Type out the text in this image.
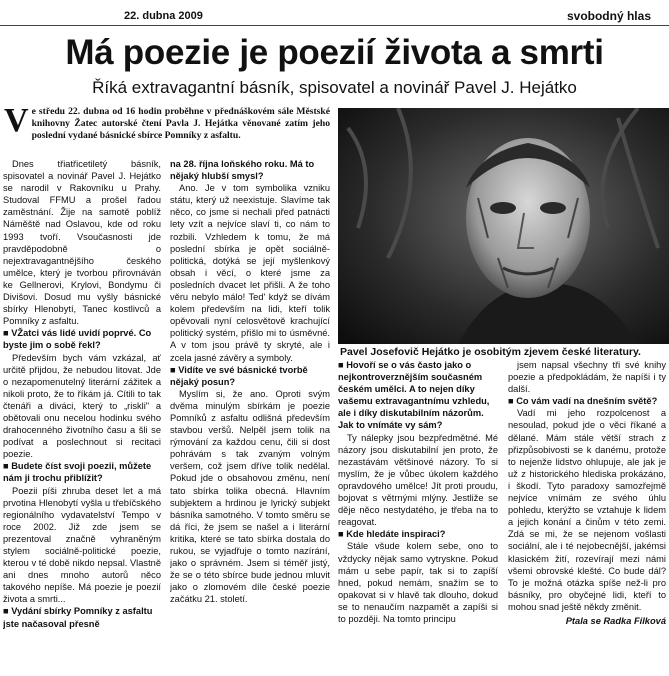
22. dubna 2009	svobodný hlas
Má poezie je poezií života a smrti
Říká extravagantní básník, spisovatel a novinář Pavel J. Hejátko
Ve středu 22. dubna od 16 hodin proběhne v přednáškovém sále Městské knihovny Žatec autorské čtení Pavla J. Hejátka věnované zatím jeho poslední vydané básnické sbírce Pomníky z asfaltu.

Dnes třiatřicetiletý básník, spisovatel a novinář Pavel J. Hejátko se narodil v Rakovníku u Prahy. Studoval FFMU a prošel řadou zaměstnání. Žije na samotě poblíž Náměště nad Oslavou, kde od roku 1993 tvoří. Vsoučasnosti jde pravděpodobně o nejextravagantnějšího českého umělce, který je tvorbou přirovnáván ke Gellnerovi, Krylovi, Bondymu či Divišovi. Dosud mu vyšly básnické sbírky Hlenobytí, Tanec kostlivců a Pomníky z asfaltu.

■ VŽatci vás lidé uvidí poprvé. Co byste jim o sobě řekl?

Především bych vám vzkázal, ať určitě přijdou, že nebudou litovat. Jde o nezapomenutelný literární zážitek a nikoli proto, že to říkám já. Cítili to tak čtenáři a diváci, který to „riskli" a obětovali onu necelou hodinku svého drahocenného životního času a šli se podívat a poslechnout si recitaci poezie.

■ Budete číst svoji poezii, můžete nám ji trochu přiblížit?

Poezii píši zhruba deset let a má prvotina Hlenobytí vyšla u třebíčského regionálního vydavatelství Tempo v roce 2002. Již zde jsem se prezentoval značně vyhraněným stylem sociálně-politické poezie, kterou v té době nikdo nepsal. Vlastně ani dnes mnoho autorů něco takového nepíše. Má poezie je poezií života a smrti...

■ Vydání sbírky Pomníky z asfaltu jste načasoval přesně
na 28. října loňského roku. Má to nějaký hlubší smysl?

Ano. Je v tom symbolika vzniku státu, který už neexistuje. Slavíme tak něco, co jsme si nechali před patnácti lety vzít a nejvíce slaví ti, co nám to rozbili. Vzhledem k tomu, že má poslední sbírka je opět sociálně-politická, dotýká se její myšlenkový obsah i věcí, o které jsme za posledních dvacet let přišli. A že toho věru nebylo málo! Ted' když se dívám kolem především na lidi, kteří tolik opěvovali nyní celosvětově krachující politický systém, přišlo mi to úsměvné. A v tom jsou právě ty skryté, ale i zcela jasné závěry a symboly.

■ Vidíte ve své básnické tvorbě nějaký posun?

Myslím si, že ano. Oproti svým dvěma minulým sbírkám je poezie Pomníků z asfaltu odlišná především stavbou veršů. Nelpěl jsem tolik na rýmování za každou cenu, čili si dost pohrávám s tak zvaným volným veršem, což jsem dříve tolik nedělal. Pokud jde o obsahovou změnu, není tato sbírka tolika obecná. Hlavním subjektem a hrdinou je lyrický subjekt básníka samotného. V tomto směru se dá říci, že jsem se našel a i literární kritika, které se tato sbírka dostala do rukou, se vyjadřuje o tomto nazírání, jako o správném. Jsem si téměř jistý, že se o této sbírce bude jednou mluvit jako o zlomovém díle české poezie začátku 21. století.

Pavel Josefovič Hejátko je osobitým zjevem české literatury.
■ Hovoří se o vás často jako o nejkontroverznějším současném českém umělci. A to nejen díky vašemu extravagantnímu vzhledu, ale i díky diskutabilním názorům. Jak to vnímáte vy sám?

Ty nálepky jsou bezpředmětné. Mé názory jsou diskutabilní jen proto, že nezastávám většinové názory. To si myslím, že je vůbec úkolem každého opravdového umělce! Jít proti proudu, bojovat s větrnými mlýny. Jestliže se děje něco nestydatého, je třeba na to reagovat.

■ Kde hledáte inspiraci?

Stále všude kolem sebe, ono to vždycky nějak samo vytryskne. Pokud mám u sebe papír, tak si to zapíší hned, pokud nemám, snažím se to opakovat si v hlavě tak dlouho, dokud se to nenaučím nazpamět a zapíši si to později. Na tomto principu

jsem napsal všechny tři své knihy poezie a předpokládám, že napíši i ty další.

■ Co vám vadí na dnešním světě?

Vadí mi jeho rozpolcenost a nesoulad, pokud jde o věci říkané a dělané. Mám stále větší strach z přizpůsobivosti se k danému, protože to nejenže lidstvo ohlupuje, ale jak je už z historického hlediska prokázáno, i škodí. Tyto paradoxy samozřejmě nejvíce vnímám ze svého úhlu pohledu, kterýžto se vztahuje k lidem a jejich konání a činům v této zemi. Zdá se mi, že se nejenom vošlasti sociální, ale i té nejobecnější, jakémsi klasickém žití, rozevírají mezi námi všemi obrovské klešté. Co bude dál? To je možná otázka spíše než-li pro básníky, pro obyčejné lidi, kteří to mohou snad ještě někdy změnit.

Ptala se Radka Filková
